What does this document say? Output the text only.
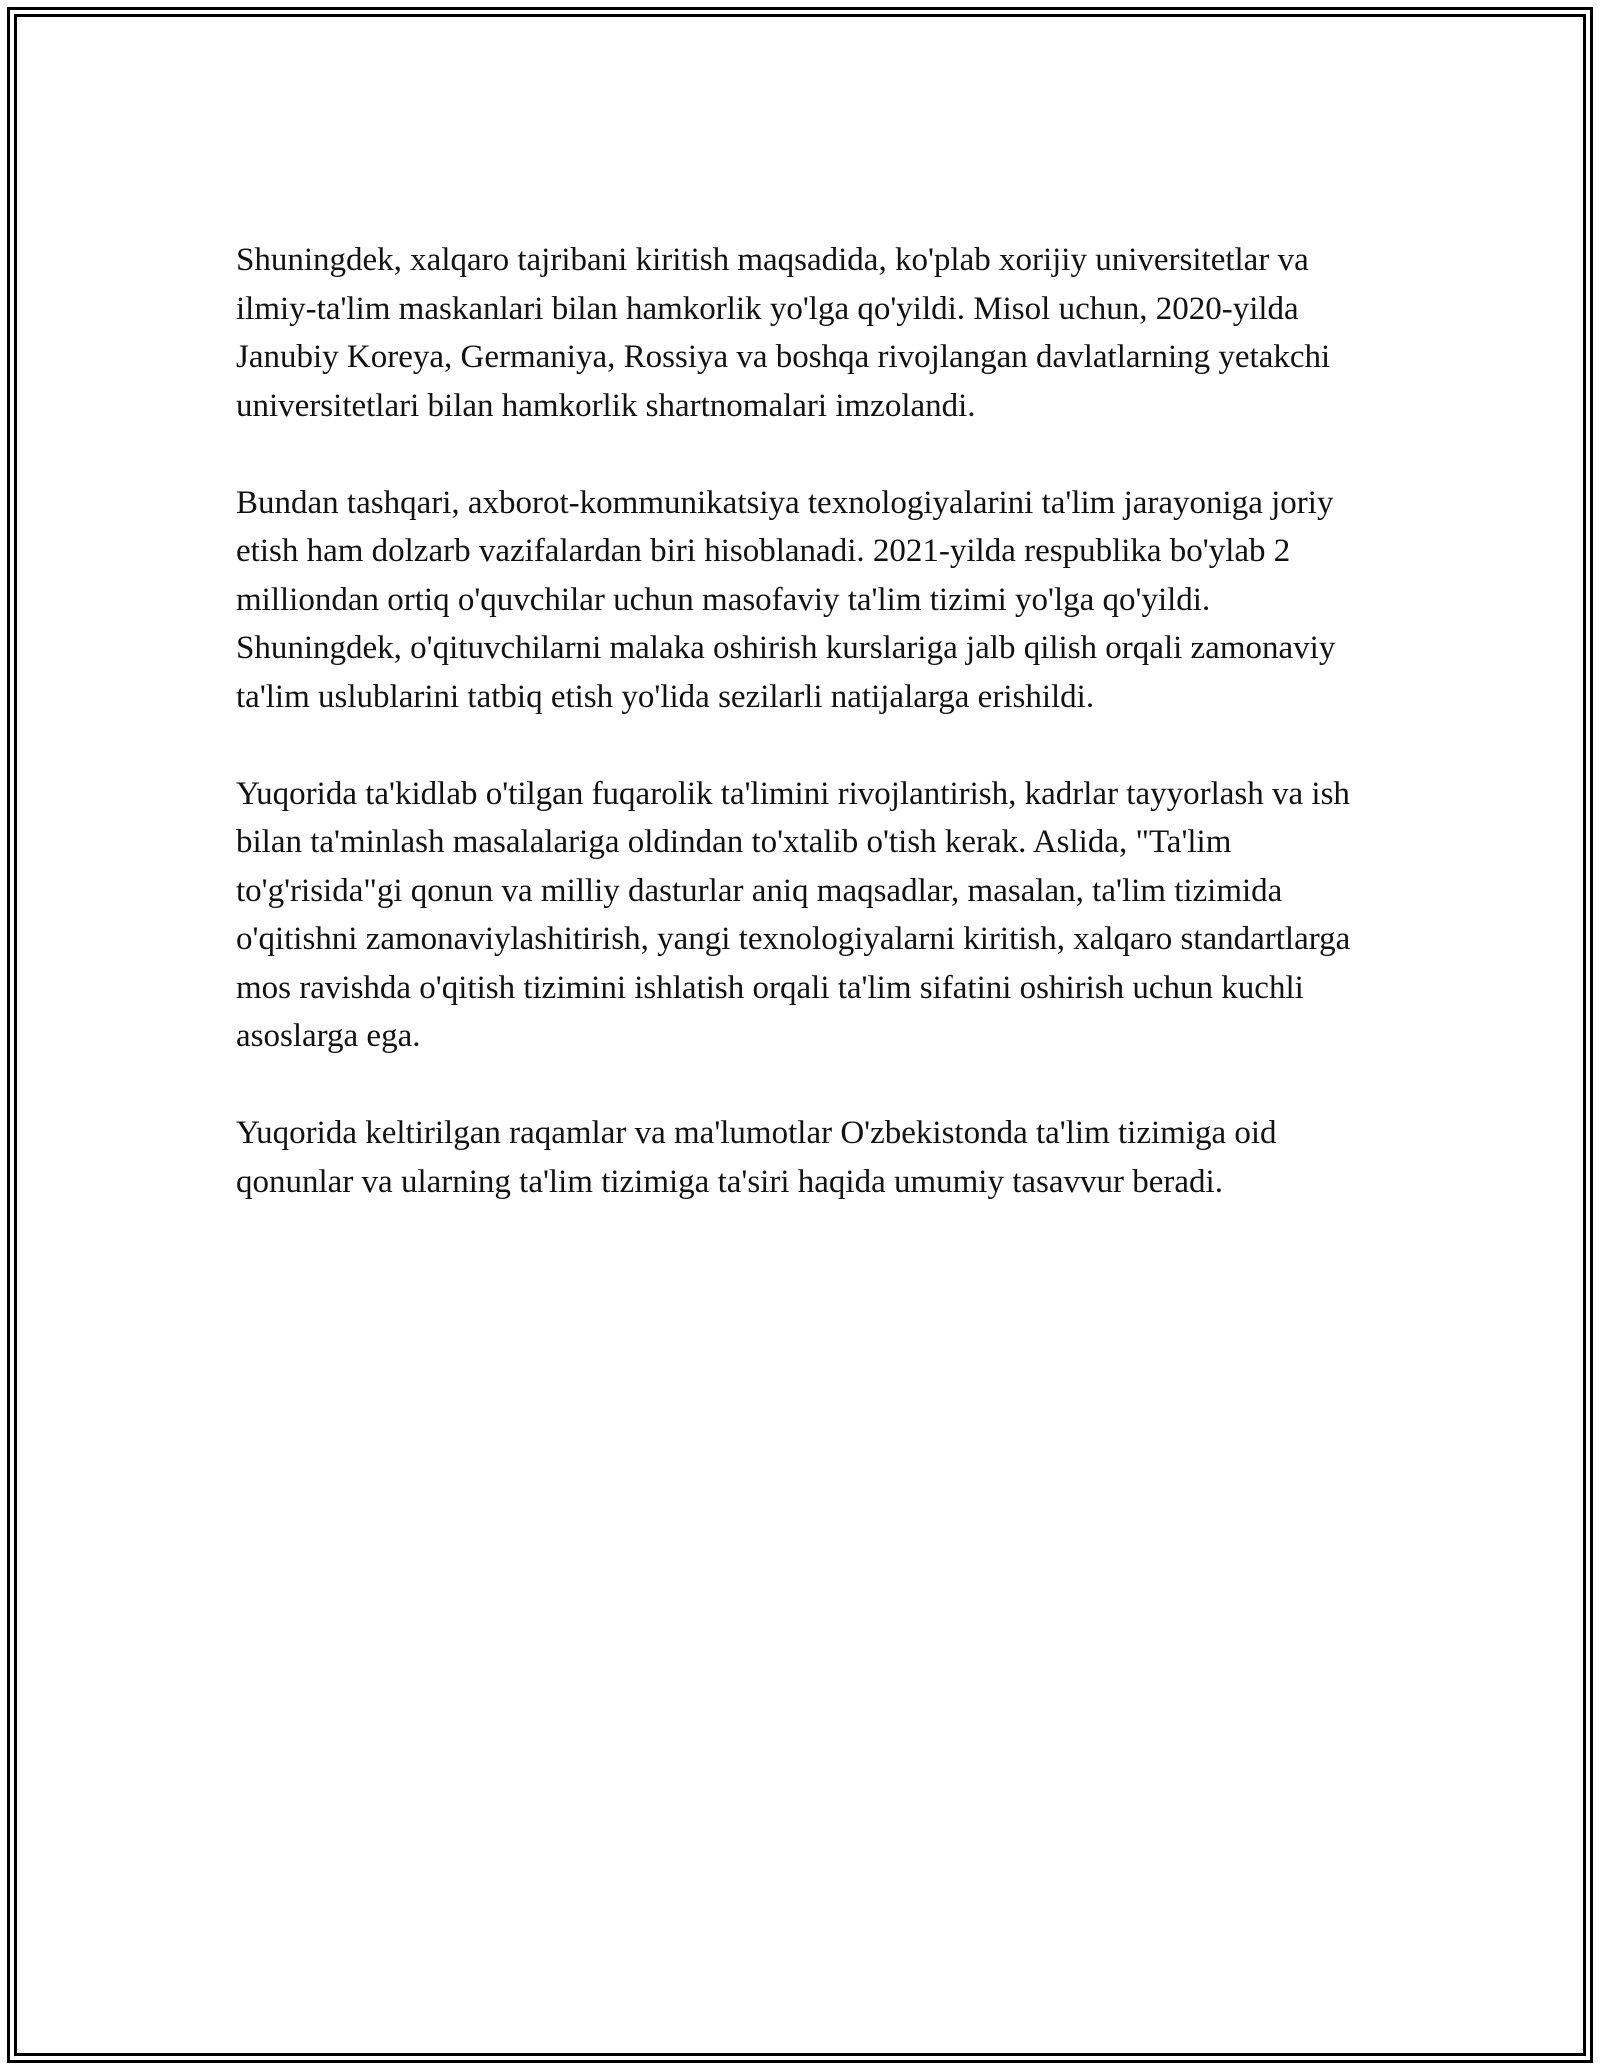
Shuningdek, xalqaro tajribani kiritish maqsadida, ko'plab xorijiy universitetlar va ilmiy-ta'lim maskanlari bilan hamkorlik yo'lga qo'yildi. Misol uchun, 2020-yilda Janubiy Koreya, Germaniya, Rossiya va boshqa rivojlangan davlatlarning yetakchi universitetlari bilan hamkorlik shartnomalari imzolandi.

Bundan tashqari, axborot-kommunikatsiya texnologiyalarini ta'lim jarayoniga joriy etish ham dolzarb vazifalardan biri hisoblanadi. 2021-yilda respublika bo'ylab 2 milliondan ortiq o'quvchilar uchun masofaviy ta'lim tizimi yo'lga qo'yildi. Shuningdek, o'qituvchilarni malaka oshirish kurslariga jalb qilish orqali zamonaviy ta'lim uslublarini tatbiq etish yo'lida sezilarli natijalarga erishildi.

Yuqorida ta'kidlab o'tilgan fuqarolik ta'limini rivojlantirish, kadrlar tayyorlash va ish bilan ta'minlash masalalariga oldindan to'xtalib o'tish kerak. Aslida, "Ta'lim to'g'risida"gi qonun va milliy dasturlar aniq maqsadlar, masalan, ta'lim tizimida o'qitishni zamonaviylashitirish, yangi texnologiyalarni kiritish, xalqaro standartlarga mos ravishda o'qitish tizimini ishlatish orqali ta'lim sifatini oshirish uchun kuchli asoslarga ega.

Yuqorida keltirilgan raqamlar va ma'lumotlar O'zbekistonda ta'lim tizimiga oid qonunlar va ularning ta'lim tizimiga ta'siri haqida umumiy tasavvur beradi.
